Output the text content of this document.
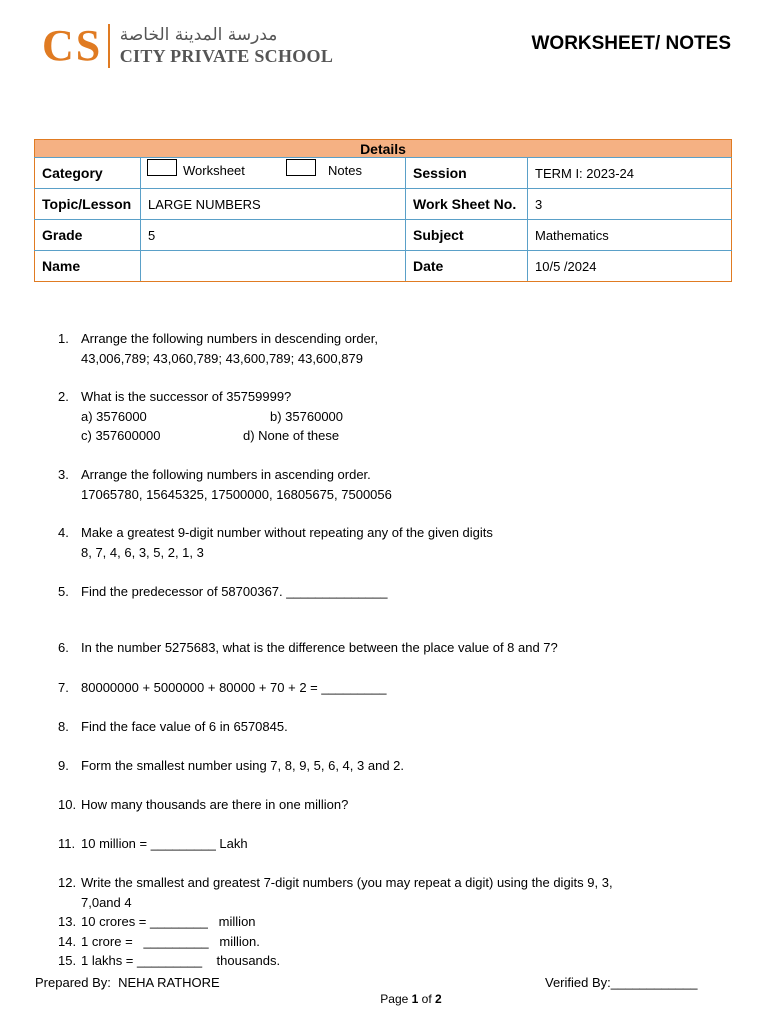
CS مدرسة المدينة الخاصة
CITY PRIVATE SCHOOL
WORKSHEET/ NOTES
Details			
Category	Worksheet Notes	Session	TERM I: 2023-24
Topic/Lesson	LARGE NUMBERS	Work Sheet No.	3
Grade	5	Subject	Mathematics
Name		Date	10/5 /2024
1. Arrange the following numbers in descending order,
43,006,789; 43,060,789; 43,600,789; 43,600,879
2. What is the successor of 35759999?
a) 3576000	b) 35760000
c) 357600000	d) None of these
3. Arrange the following numbers in ascending order.
17065780, 15645325, 17500000, 16805675, 7500056
4. Make a greatest 9-digit number without repeating any of the given digits
8, 7, 4, 6, 3, 5, 2, 1, 3
5. Find the predecessor of 58700367. ______________
6. In the number 5275683, what is the difference between the place value of 8 and 7?
7. 80000000 + 5000000 + 80000 + 70 + 2 = _________
8. Find the face value of 6 in 6570845.
9. Form the smallest number using 7, 8, 9, 5, 6, 4, 3 and 2.
10. How many thousands are there in one million?
11. 10 million = _________ Lakh
12. Write the smallest and greatest 7-digit numbers (you may repeat a digit) using the digits 9, 3,
7,0and 4
13. 10 crores = ________   million
14. 1 crore =   _________   million.
15. 1 lakhs = _________    thousands.
Prepared By:  NEHA RATHORE	Verified By:____________
Page 1 of 2
